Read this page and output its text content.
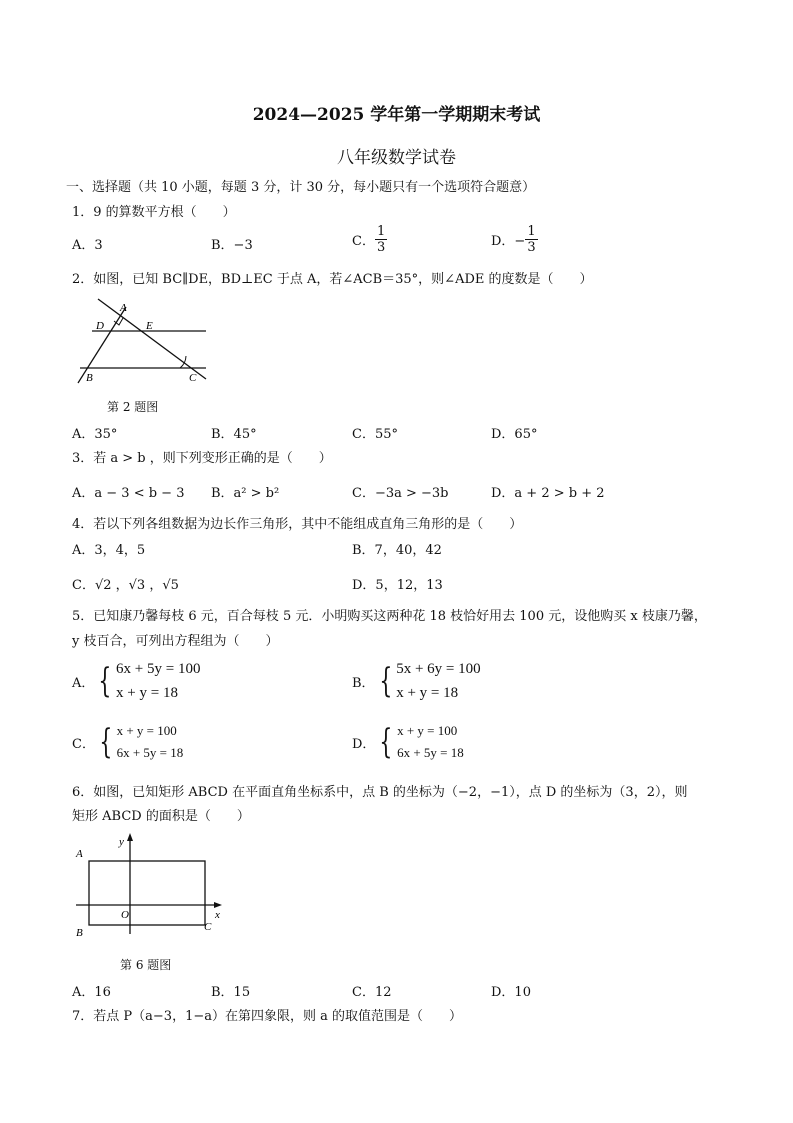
2024—2025 学年第一学期期末考试
八年级数学试卷
一、选择题（共 10 小题，每题 3 分，计 30 分，每小题只有一个选项符合题意）
1．9 的算数平方根（　　）
A．3	B．−3	C． $\frac{1}{3}$	D．− $\frac{1}{3}$
2．如图，已知 BC∥DE，BD⊥EC 于点 A，若∠ACB＝35°，则∠ADE 的度数是（　　）
A
D	E
B	C
第 2 题图
A．35°	B．45°	C．55°	D．65°
3．若 a > b ，则下列变形正确的是（　　）
A．a − 3 < b − 3 B．a² > b²	C．−3a > −3b	D．a + 2 > b + 2
4．若以下列各组数据为边长作三角形，其中不能组成直角三角形的是（　　）
A．3，4，5	B．7，40，42
C．√2 ，√3 ，√5	D．5，12，13
5．已知康乃馨每枝 6 元，百合每枝 5 元．小明购买这两种花 18 枝恰好用去 100 元，设他购买 x 枝康乃馨，
y 枝百合，可列出方程组为（　　）
A． { 6x + 5y = 100
x + y = 18
B． { 5x + 6y = 100
x + y = 18
C． { x + y = 100
6x + 5y = 18
D． { x + y = 100
6x + 5y = 18
6．如图，已知矩形 ABCD 在平面直角坐标系中，点 B 的坐标为（−2，−1），点 D 的坐标为（3，2），则
矩形 ABCD 的面积是（　　）
y
A
O	x
B	C
第 6 题图
A．16	B．15	C．12	D．10
7．若点 P（a−3，1−a）在第四象限，则 a 的取值范围是（　　）
